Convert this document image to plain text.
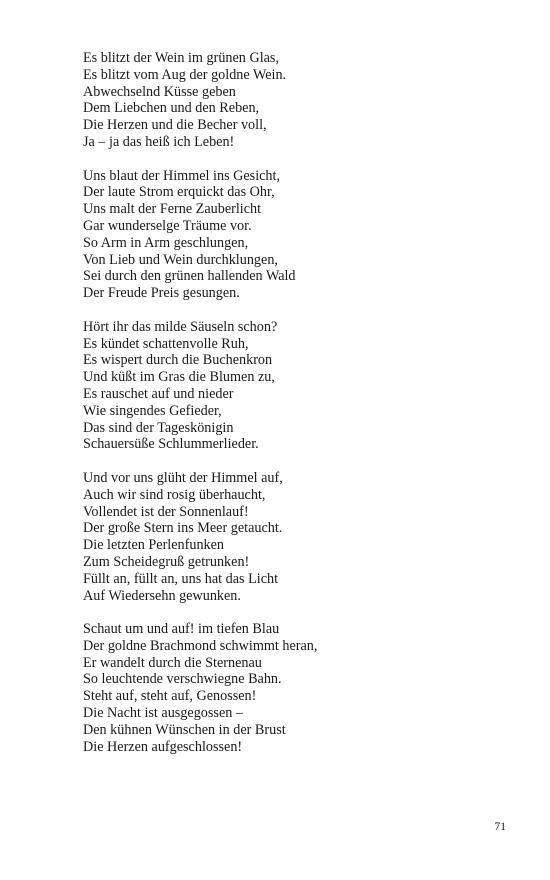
Es blitzt der Wein im grünen Glas,
Es blitzt vom Aug der goldne Wein.
Abwechselnd Küsse geben
Dem Liebchen und den Reben,
Die Herzen und die Becher voll,
Ja – ja das heiß ich Leben!
Uns blaut der Himmel ins Gesicht,
Der laute Strom erquickt das Ohr,
Uns malt der Ferne Zauberlicht
Gar wunderselge Träume vor.
So Arm in Arm geschlungen,
Von Lieb und Wein durchklungen,
Sei durch den grünen hallenden Wald
Der Freude Preis gesungen.
Hört ihr das milde Säuseln schon?
Es kündet schattenvolle Ruh,
Es wispert durch die Buchenkron
Und küßt im Gras die Blumen zu,
Es rauschet auf und nieder
Wie singendes Gefieder,
Das sind der Tageskönigin
Schauersüße Schlummerlieder.
Und vor uns glüht der Himmel auf,
Auch wir sind rosig überhaucht,
Vollendet ist der Sonnenlauf!
Der große Stern ins Meer getaucht.
Die letzten Perlenfunken
Zum Scheidegruß getrunken!
Füllt an, füllt an, uns hat das Licht
Auf Wiedersehn gewunken.
Schaut um und auf! im tiefen Blau
Der goldne Brachmond schwimmt heran,
Er wandelt durch die Sternenau
So leuchtende verschwiegne Bahn.
Steht auf, steht auf, Genossen!
Die Nacht ist ausgegossen –
Den kühnen Wünschen in der Brust
Die Herzen aufgeschlossen!
71
